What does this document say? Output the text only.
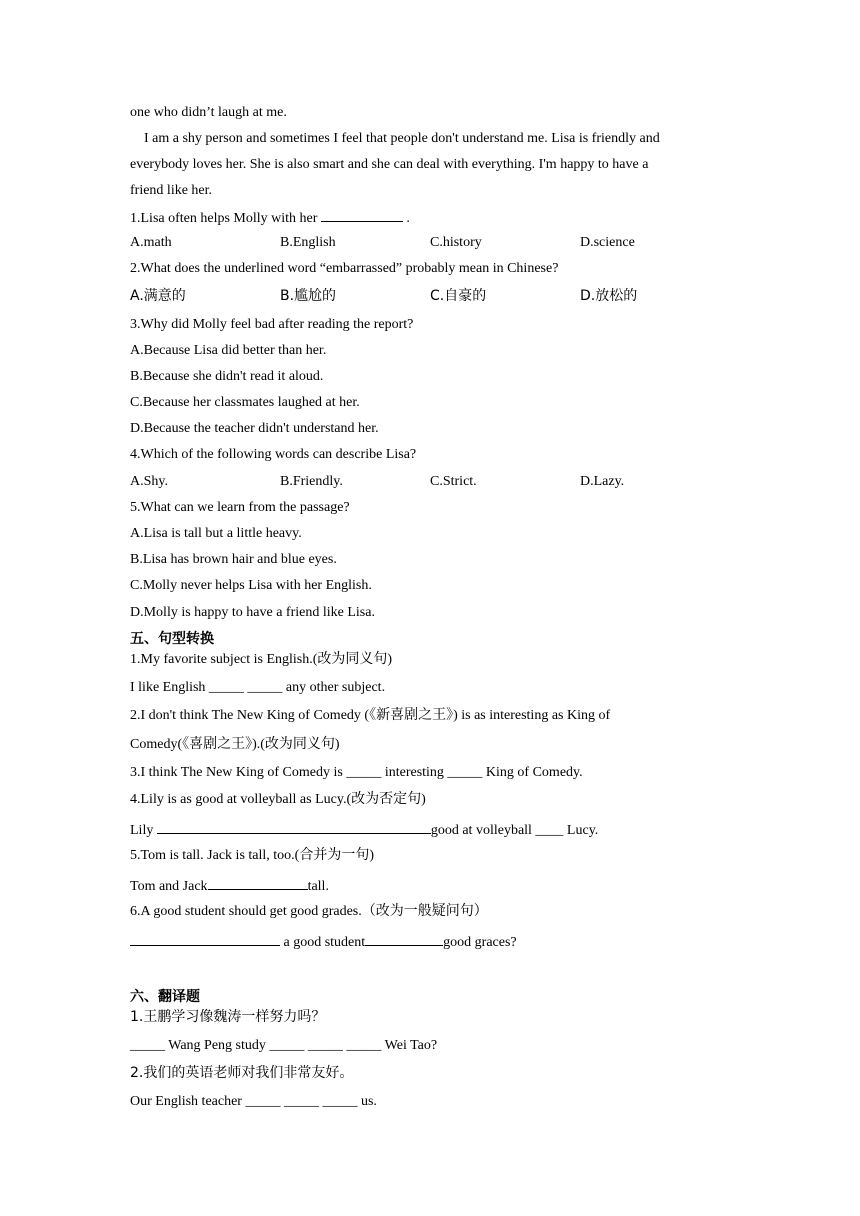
one who didn’t laugh at me.
I am a shy person and sometimes I feel that people don't understand me. Lisa is friendly and
everybody loves her. She is also smart and she can deal with everything. I'm happy to have a
friend like her.
1.Lisa often helps Molly with her	.
A.math	B.English	C.history	D.science
2.What does the underlined word “embarrassed” probably mean in Chinese?
A.满意的	B.尴尬的	C.自豪的	D.放松的
3.Why did Molly feel bad after reading the report?
A.Because Lisa did better than her.
B.Because she didn't read it aloud.
C.Because her classmates laughed at her.
D.Because the teacher didn't understand her.
4.Which of the following words can describe Lisa?
A.Shy.	B.Friendly.	C.Strict.	D.Lazy.
5.What can we learn from the passage?
A.Lisa is tall but a little heavy.
B.Lisa has brown hair and blue eyes.
C.Molly never helps Lisa with her English.
D.Molly is happy to have a friend like Lisa.
五、句型转换
1.My favorite subject is English.(改为同义句)
I like English _____ _____ any other subject.
2.I don't think The New King of Comedy (《新喜剧之王》) is as interesting as King of
Comedy(《喜剧之王》).(改为同义句)
3.I think The New King of Comedy is _____ interesting _____ King of Comedy.
4.Lily is as good at volleyball as Lucy.(改为否定句)
Lily	good at volleyball ____ Lucy.
5.Tom is tall. Jack is tall, too.(合并为一句)
Tom and Jack	tall.
6.A good student should get good grades.（改为一般疑问句）
a good student	good graces?
六、翻译题
1.王鹏学习像魏涛一样努力吗？
_____ Wang Peng study _____ _____ _____ Wei Tao?
2.我们的英语老师对我们非常友好。
Our English teacher _____ _____ _____ us.
